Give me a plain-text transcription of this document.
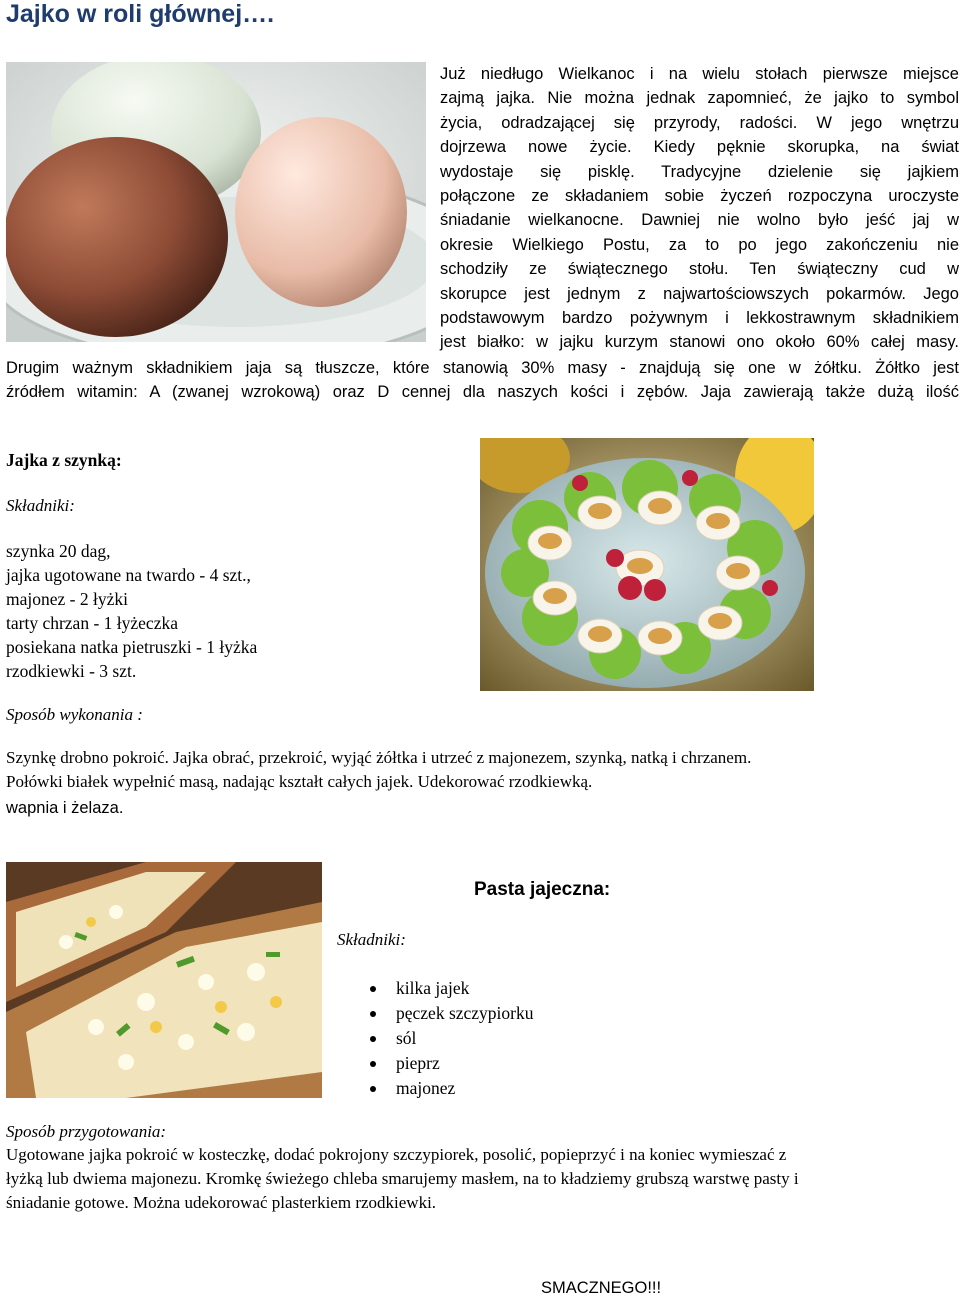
Jajko w roli głównej….
Już niedługo Wielkanoc i na wielu stołach pierwsze miejsce
zajmą jajka. Nie można jednak zapomnieć, że jajko to symbol
życia, odradzającej się przyrody, radości. W jego wnętrzu
dojrzewa nowe życie. Kiedy pęknie skorupka, na świat
wydostaje się pisklę. Tradycyjne dzielenie się jajkiem
połączone ze składaniem sobie życzeń rozpoczyna uroczyste
śniadanie wielkanocne. Dawniej nie wolno było jeść jaj w
okresie Wielkiego Postu, za to po jego zakończeniu nie
schodziły ze świątecznego stołu. Ten świąteczny cud w
skorupce jest jednym z najwartościowszych pokarmów. Jego
podstawowym bardzo pożywnym i lekkostrawnym składnikiem
jest białko: w jajku kurzym stanowi ono około 60% całej masy.
Drugim ważnym składnikiem jaja są tłuszcze, które stanowią 30% masy - znajdują się one w żółtku. Żółtko jest
źródłem witamin: A (zwanej wzrokową) oraz D cennej dla naszych kości i zębów. Jaja zawierają także dużą ilość
Jajka z szynką:
Składniki:
szynka 20 dag,
jajka ugotowane na twardo - 4 szt.,
majonez - 2 łyżki
tarty chrzan - 1 łyżeczka
posiekana natka pietruszki - 1 łyżka
rzodkiewki - 3 szt.
Sposób wykonania :
Szynkę drobno pokroić. Jajka obrać, przekroić, wyjąć żółtka i utrzeć z majonezem, szynką, natką i chrzanem.
Połówki białek wypełnić masą, nadając kształt całych jajek. Udekorować rzodkiewką.
wapnia i żelaza.
Pasta jajeczna:
Składniki:
kilka jajek
pęczek szczypiorku
sól
pieprz
majonez
Sposób przygotowania:
Ugotowane jajka pokroić w kosteczkę, dodać pokrojony szczypiorek, posolić, popieprzyć i na koniec wymieszać z
łyżką lub dwiema majonezu. Kromkę świeżego chleba smarujemy masłem, na to kładziemy grubszą warstwę pasty i
śniadanie gotowe. Można udekorować plasterkiem rzodkiewki.
SMACZNEGO!!!
